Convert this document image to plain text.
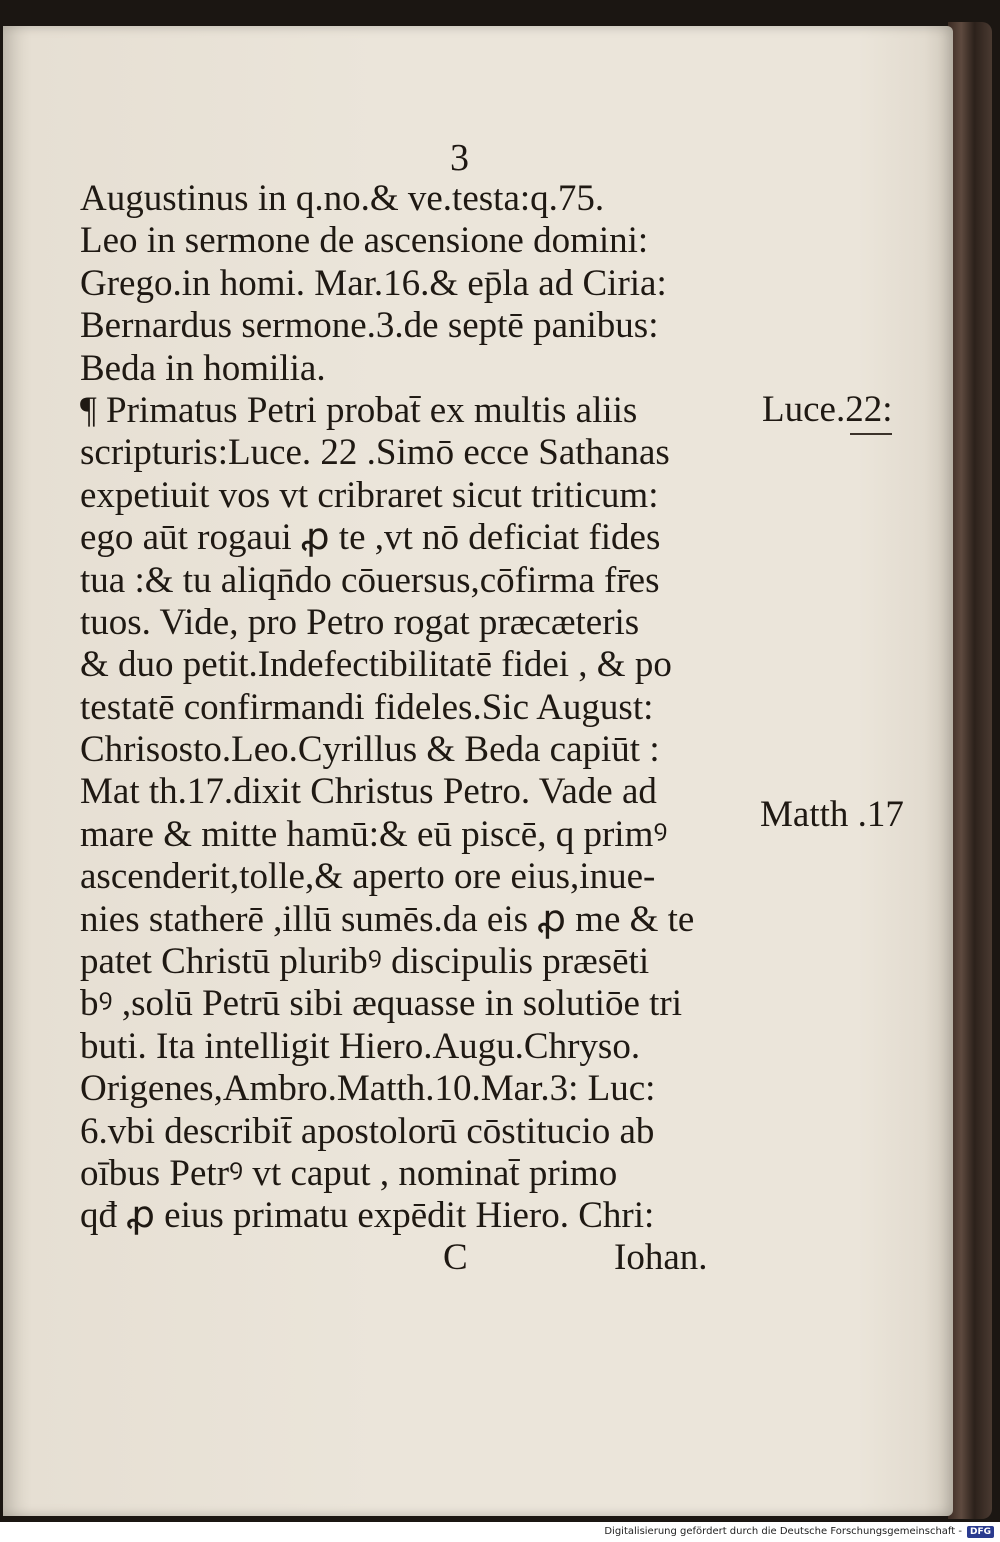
3
Augustinus in q.no.& ve.testa:q.75.
Leo in sermone de ascensione domini:
Grego.in homi. Mar.16.& ep̄la ad Ciria:
Bernardus sermone.3.de septē panibus:
Beda in homilia.
¶ Primatus Petri probat̄ ex multis aliis
scripturis:Luce. 22 .Simō ecce Sathanas
expetiuit vos vt cribraret sicut triticum:
ego aūt rogaui ꝓ te ,vt nō deficiat fides
tua :& tu aliqn̄do cōuersus,cōfirma fr̄es
tuos. Vide, pro Petro rogat præcæteris
& duo petit.Indefectibilitatē fidei , & po
testatē confirmandi fideles.Sic August:
Chrisosto.Leo.Cyrillus & Beda capiūt :
Mat th.17.dixit Christus Petro. Vade ad
mare & mitte hamū:& eū piscē, q primꝰ
ascenderit,tolle,& aperto ore eius,inue-
nies statherē ,illū sumēs.da eis ꝓ me & te
patet Christū pluribꝰ discipulis præsēti
bꝰ ,solū Petrū sibi æquasse in solutiōe tri
buti. Ita intelligit Hiero.Augu.Chryso.
Origenes,Ambro.Matth.10.Mar.3: Luc:
6.vbi describit̄ apostolorū cōstitucio ab
oībus Petrꝰ vt caput , nominat̄ primo
qđ ꝓ eius primatu expēdit Hiero. Chri:
Luce.22:
Matth .17
C	Iohan.
Digitalisierung gefördert durch die Deutsche Forschungsgemeinschaft - DFG
